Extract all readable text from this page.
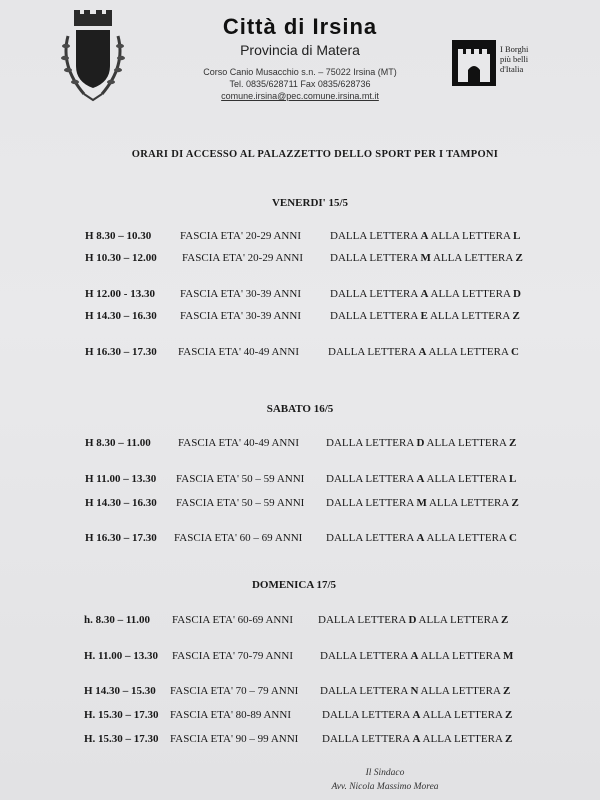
Città di Irsina
Provincia di Matera
Corso Canio Musacchio s.n. – 75022 Irsina (MT)
Tel. 0835/628711 Fax 0835/628736
comune.irsina@pec.comune.irsina.mt.it
I Borghi
più belli
d'Italia
ORARI DI ACCESSO AL PALAZZETTO DELLO SPORT PER I TAMPONI
VENERDI' 15/5
H 8.30 – 10.30	FASCIA ETA' 20-29 ANNI	DALLA LETTERA A ALLA LETTERA L
H 10.30 – 12.00 FASCIA ETA' 20-29 ANNI DALLA LETTERA M ALLA LETTERA Z
H 12.00 - 13.30 FASCIA ETA' 30-39 ANNI	DALLA LETTERA A ALLA LETTERA D
H 14.30 – 16.30 FASCIA ETA' 30-39 ANNI	DALLA LETTERA E ALLA LETTERA Z
H 16.30 – 17.30 FASCIA ETA' 40-49 ANNI	DALLA LETTERA A ALLA LETTERA C
SABATO 16/5
H 8.30 – 11.00 FASCIA ETA' 40-49 ANNI DALLA LETTERA D ALLA LETTERA Z
H 11.00 – 13.30 FASCIA ETA' 50 – 59 ANNI DALLA LETTERA A ALLA LETTERA L
H 14.30 – 16.30 FASCIA ETA' 50 – 59 ANNI DALLA LETTERA M ALLA LETTERA Z
H 16.30 – 17.30 FASCIA ETA' 60 – 69 ANNI DALLA LETTERA A ALLA LETTERA C
DOMENICA 17/5
h. 8.30 – 11.00 FASCIA ETA' 60-69 ANNI DALLA LETTERA D ALLA LETTERA Z
H. 11.00 – 13.30 FASCIA ETA' 70-79 ANNI DALLA LETTERA A ALLA LETTERA M
H 14.30 – 15.30 FASCIA ETA' 70 – 79 ANNI DALLA LETTERA N ALLA LETTERA Z
H. 15.30 – 17.30 FASCIA ETA' 80-89 ANNI	DALLA LETTERA A ALLA LETTERA Z
H. 15.30 – 17.30 FASCIA ETA' 90 – 99 ANNI DALLA LETTERA A ALLA LETTERA Z
Il Sindaco
Avv. Nicola Massimo Morea
